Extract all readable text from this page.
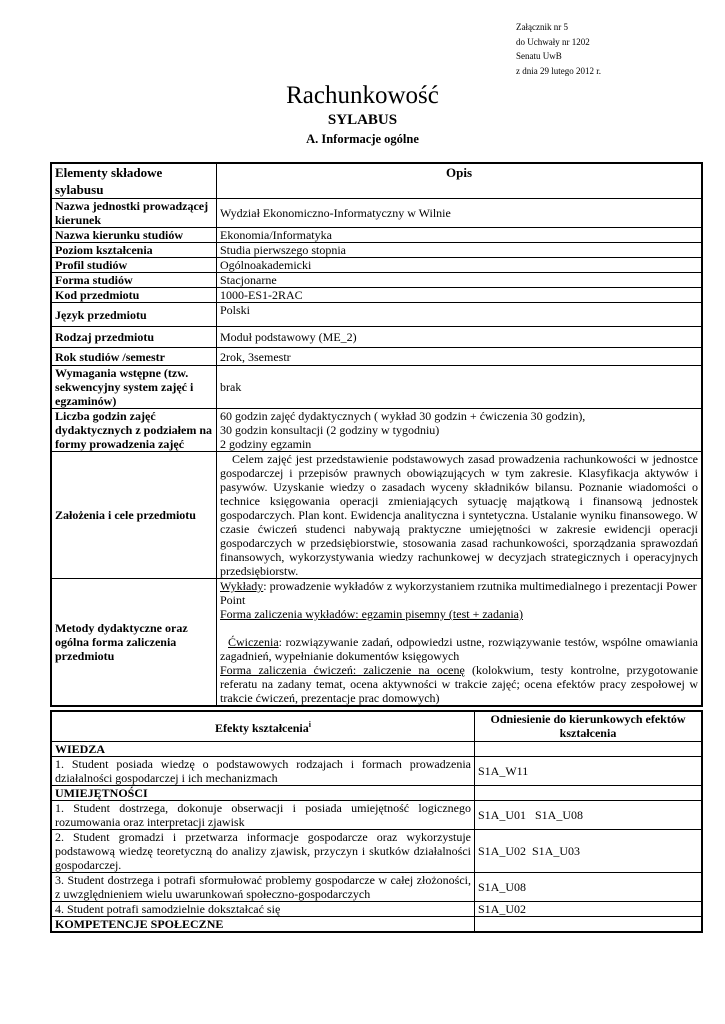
Załącznik nr 5
do Uchwały nr 1202
Senatu UwB
z dnia 29 lutego 2012 r.
Rachunkowość
SYLABUS
A. Informacje ogólne
Elementy składowe sylabusu	Opis
Nazwa jednostki prowadzącej kierunek	Wydział Ekonomiczno-Informatyczny w Wilnie
Nazwa kierunku studiów	Ekonomia/Informatyka
Poziom kształcenia	Studia pierwszego stopnia
Profil studiów	Ogólnoakademicki
Forma studiów	Stacjonarne
Kod przedmiotu	1000-ES1-2RAC
Język przedmiotu	Polski
Rodzaj przedmiotu	Moduł podstawowy (ME_2)
Rok studiów /semestr	2rok, 3semestr
Wymagania wstępne (tzw. sekwencyjny system zajęć i egzaminów)	brak
Liczba godzin zajęć dydaktycznych z podziałem na formy prowadzenia zajęć	60 godzin zajęć dydaktycznych ( wykład 30 godzin + ćwiczenia 30 godzin),
30 godzin konsultacji (2 godziny w tygodniu)
2 godziny egzamin

Założenia i cele przedmiotu	Celem zajęć jest przedstawienie podstawowych zasad prowadzenia rachunkowości w jednostce gospodarczej i przepisów prawnych obowiązujących w tym zakresie. Klasyfikacja aktywów i pasywów. Uzyskanie wiedzy o zasadach wyceny składników bilansu. Poznanie wiadomości o technice księgowania operacji zmieniających sytuację majątkową i finansową jednostek gospodarczych. Plan kont. Ewidencja analityczna i syntetyczna. Ustalanie wyniku finansowego. W czasie ćwiczeń studenci nabywają praktyczne umiejętności w zakresie ewidencji operacji gospodarczych w przedsiębiorstwie, stosowania zasad rachunkowości, sporządzania sprawozdań finansowych, wykorzystywania wiedzy rachunkowej w decyzjach strategicznych i operacyjnych przedsiębiorstw.
Metody dydaktyczne oraz ogólna forma zaliczenia przedmiotu	Wykłady: prowadzenie wykładów z wykorzystaniem rzutnika multimedialnego i prezentacji Power Point
Forma zaliczenia wykładów: egzamin pisemny (test + zadania)
Ćwiczenia: rozwiązywanie zadań, odpowiedzi ustne, rozwiązywanie testów, wspólne omawiania zagadnień, wypełnianie dokumentów księgowych
Forma zaliczenia ćwiczeń: zaliczenie na ocenę (kolokwium, testy kontrolne, przygotowanie referatu na zadany temat, ocena aktywności w trakcie zajęć; ocena efektów pracy zespołowej w trakcie ćwiczeń, prezentacje prac domowych)
Efekty kształcenia$^i$	Odniesienie do kierunkowych efektów kształcenia
WIEDZA	
1. Student posiada wiedzę o podstawowych rodzajach i formach prowadzenia działalności gospodarczej i ich mechanizmach	S1A_W11
UMIEJĘTNOŚCI	
1. Student dostrzega, dokonuje obserwacji i posiada umiejętność logicznego rozumowania oraz interpretacji zjawisk	S1A_U01   S1A_U08
2. Student gromadzi i przetwarza informacje gospodarcze oraz wykorzystuje podstawową wiedzę teoretyczną do analizy zjawisk, przyczyn i skutków działalności gospodarczej.	S1A_U02  S1A_U03
3. Student dostrzega i potrafi sformułować problemy gospodarcze w całej złożoności, z uwzględnieniem wielu uwarunkowań społeczno-gospodarczych	S1A_U08
4. Student potrafi samodzielnie dokształcać się	S1A_U02
KOMPETENCJE SPOŁECZNE	
